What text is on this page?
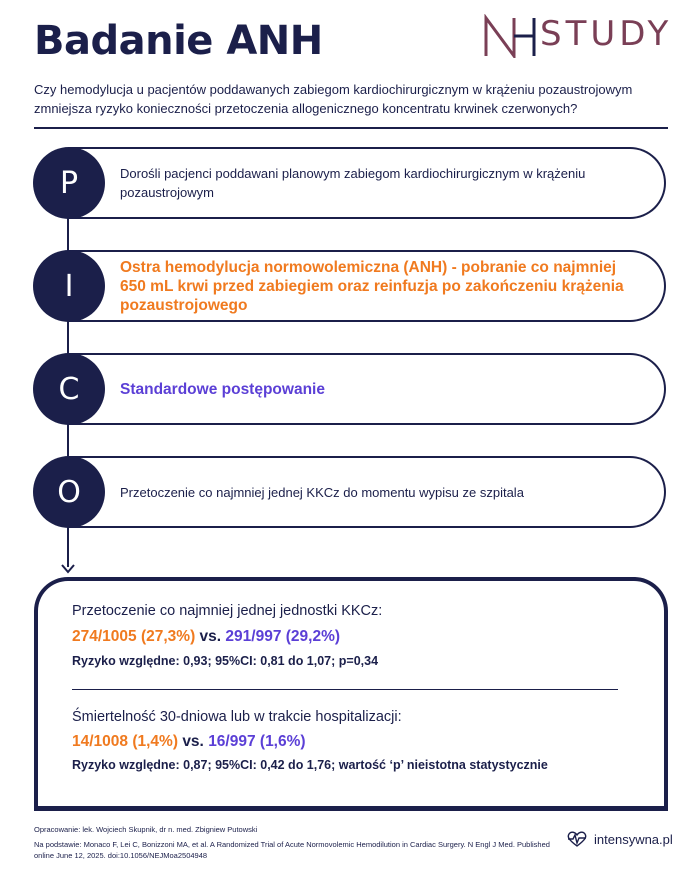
Badanie ANH	STUDY

Czy hemodylucja u pacjentów poddawanych zabiegom kardiochirurgicznym w krążeniu pozaustrojowym zmniejsza ryzyko konieczności przetoczenia allogenicznego koncentratu krwinek czerwonych?

P	Dorośli pacjenci poddawani planowym zabiegom kardiochirurgicznym w krążeniu pozaustrojowym
I
Ostra hemodylucja normowolemiczna (ANH) - pobranie co najmniej 650 mL krwi przed zabiegiem oraz reinfuzja po zakończeniu krążenia pozaustrojowego
C	Standardowe postępowanie
O	Przetoczenie co najmniej jednej KKCz do momentu wypisu ze szpitala
Przetoczenie co najmniej jednej jednostki KKCz:
274/1005 (27,3%) vs. 291/997 (29,2%)
Ryzyko względne: 0,93; 95%CI: 0,81 do 1,07; p=0,34
Śmiertelność 30-dniowa lub w trakcie hospitalizacji:
14/1008 (1,4%) vs. 16/997 (1,6%)
Ryzyko względne: 0,87; 95%CI: 0,42 do 1,76; wartość ‘p’ nieistotna statystycznie

Opracowanie: lek. Wojciech Skupnik, dr n. med. Zbigniew Putowski

Na podstawie: Monaco F, Lei C, Bonizzoni MA, et al. A Randomized Trial of Acute Normovolemic Hemodilution in Cardiac Surgery. N Engl J Med. Published online June 12, 2025. doi:10.1056/NEJMoa2504948

intensywna.pl
